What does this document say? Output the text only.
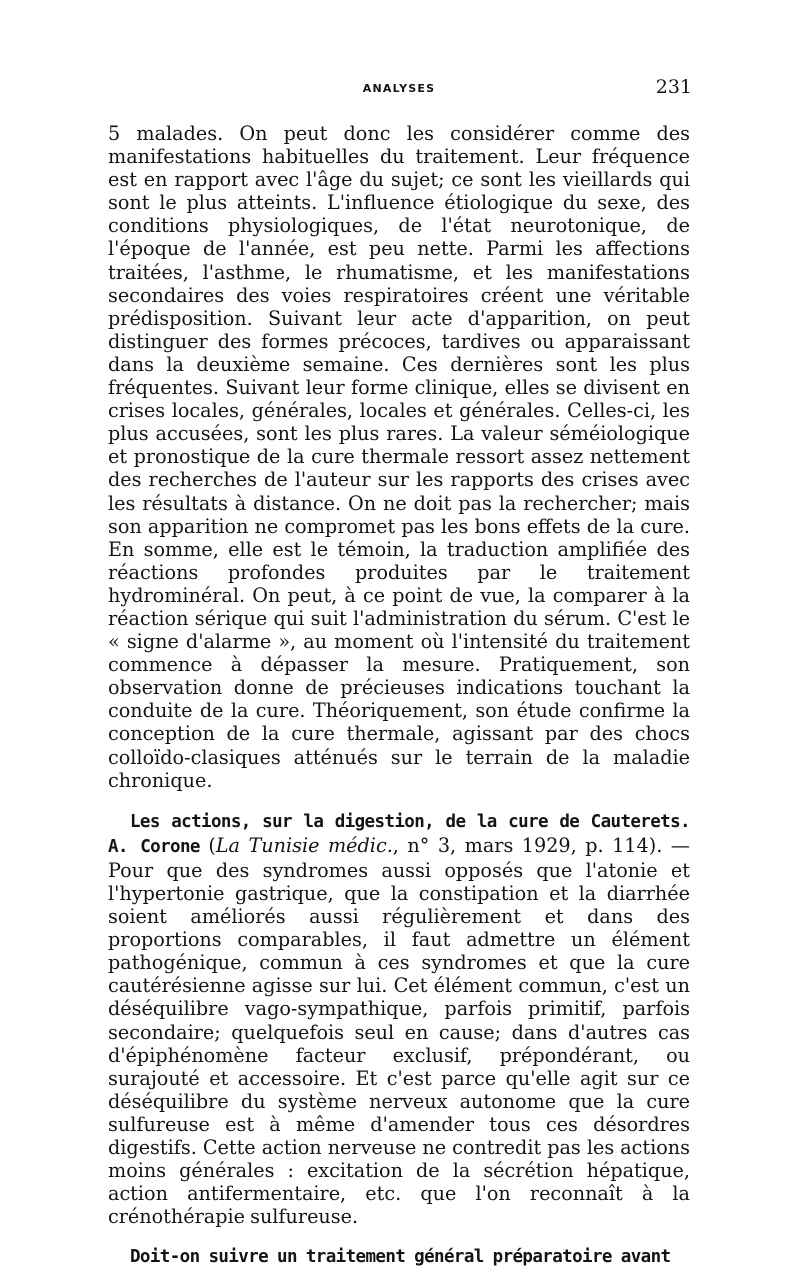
ANALYSES	231

5 malades. On peut donc les considérer comme des manifestations habituelles du traitement. Leur fréquence est en rapport avec l'âge du sujet; ce sont les vieillards qui sont le plus atteints. L'influence étiologique du sexe, des conditions physiologiques, de l'état neurotonique, de l'époque de l'année, est peu nette. Parmi les affections traitées, l'asthme, le rhumatisme, et les manifestations secondaires des voies respiratoires créent une véritable prédisposition. Suivant leur acte d'apparition, on peut distinguer des formes précoces, tardives ou apparaissant dans la deuxième semaine. Ces dernières sont les plus fréquentes. Suivant leur forme clinique, elles se divisent en crises locales, générales, locales et générales. Celles-ci, les plus accusées, sont les plus rares. La valeur séméiologique et pronostique de la cure thermale ressort assez nettement des recherches de l'auteur sur les rapports des crises avec les résultats à distance. On ne doit pas la rechercher; mais son apparition ne compromet pas les bons effets de la cure. En somme, elle est le témoin, la traduction amplifiée des réactions profondes produites par le traitement hydrominéral. On peut, à ce point de vue, la comparer à la réaction sérique qui suit l'administration du sérum. C'est le « signe d'alarme », au moment où l'intensité du traitement commence à dépasser la mesure. Pratiquement, son observation donne de précieuses indications touchant la conduite de la cure. Théoriquement, son étude confirme la conception de la cure thermale, agissant par des chocs colloïdo-clasiques atténués sur le terrain de la maladie chronique.

Les actions, sur la digestion, de la cure de Cauterets. A. Corone (La Tunisie médic., n° 3, mars 1929, p. 114). — Pour que des syndromes aussi opposés que l'atonie et l'hypertonie gastrique, que la constipation et la diarrhée soient améliorés aussi régulièrement et dans des proportions comparables, il faut admettre un élément pathogénique, commun à ces syndromes et que la cure cautérésienne agisse sur lui. Cet élément commun, c'est un déséquilibre vago-sympathique, parfois primitif, parfois secondaire; quelquefois seul en cause; dans d'autres cas d'épiphénomène facteur exclusif, prépondérant, ou surajouté et accessoire. Et c'est parce qu'elle agit sur ce déséquilibre du système nerveux autonome que la cure sulfureuse est à même d'amender tous ces désordres digestifs. Cette action nerveuse ne contredit pas les actions moins générales : excitation de la sécrétion hépatique, action antifermentaire, etc. que l'on reconnaît à la crénothérapie sulfureuse.

Doit-on suivre un traitement général préparatoire avant
